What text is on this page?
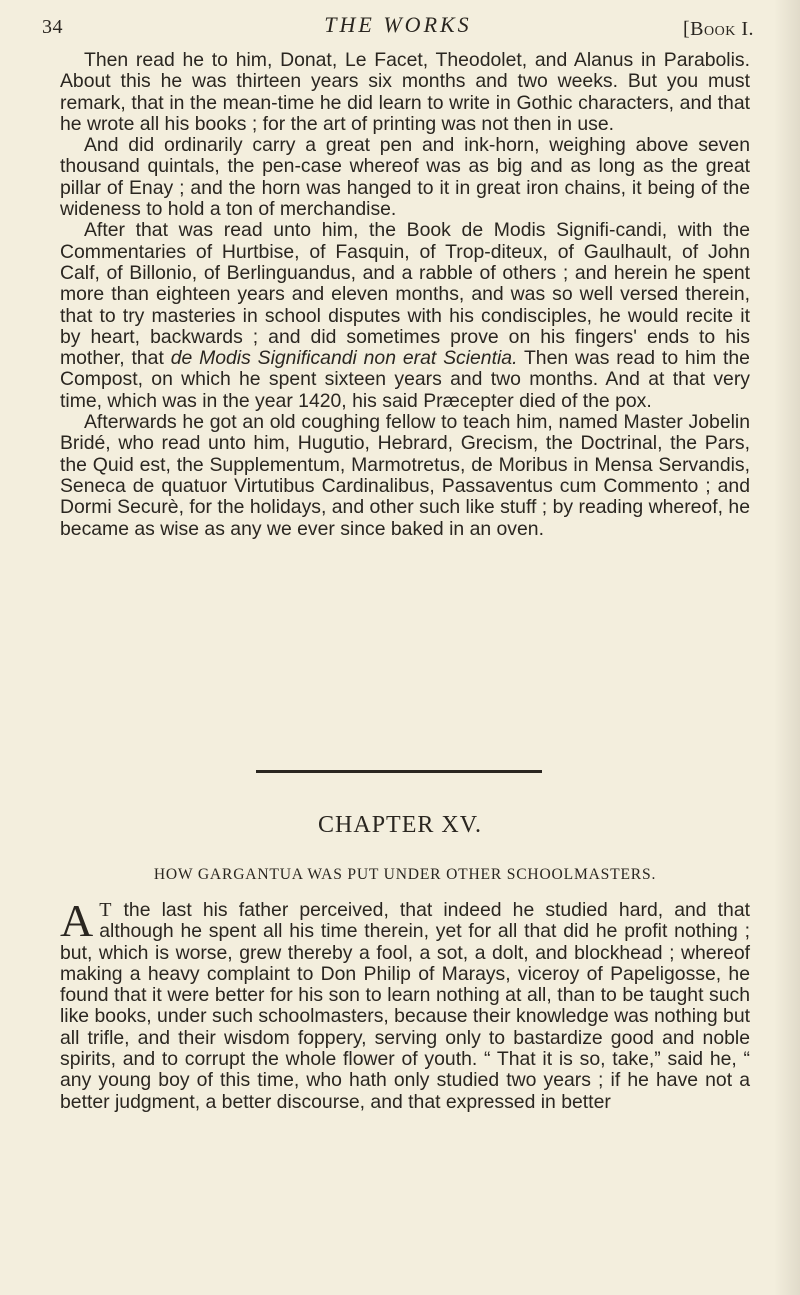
34	THE WORKS	[Book I.

Then read he to him, Donat, Le Facet, Theodolet, and Alanus in Parabolis. About this he was thirteen years six months and two weeks. But you must remark, that in the mean-time he did learn to write in Gothic characters, and that he wrote all his books ; for the art of printing was not then in use.

And did ordinarily carry a great pen and ink-horn, weighing above seven thousand quintals, the pen-case whereof was as big and as long as the great pillar of Enay ; and the horn was hanged to it in great iron chains, it being of the wideness to hold a ton of merchandise.

After that was read unto him, the Book de Modis Signifi-candi, with the Commentaries of Hurtbise, of Fasquin, of Trop-diteux, of Gaulhault, of John Calf, of Billonio, of Berlinguandus, and a rabble of others ; and herein he spent more than eighteen years and eleven months, and was so well versed therein, that to try masteries in school disputes with his condisciples, he would recite it by heart, backwards ; and did sometimes prove on his fingers' ends to his mother, that de Modis Significandi non erat Scientia. Then was read to him the Compost, on which he spent sixteen years and two months. And at that very time, which was in the year 1420, his said Præcepter died of the pox.

Afterwards he got an old coughing fellow to teach him, named Master Jobelin Bridé, who read unto him, Hugutio, Hebrard, Grecism, the Doctrinal, the Pars, the Quid est, the Supplementum, Marmotretus, de Moribus in Mensa Servandis, Seneca de quatuor Virtutibus Cardinalibus, Passaventus cum Commento ; and Dormi Securè, for the holidays, and other such like stuff ; by reading whereof, he became as wise as any we ever since baked in an oven.

CHAPTER XV.
HOW GARGANTUA WAS PUT UNDER OTHER SCHOOLMASTERS.
A T the last his father perceived, that indeed he studied hard, and that although he spent all his time therein, yet for all that did he profit nothing ; but, which is worse, grew thereby a fool, a sot, a dolt, and blockhead ; whereof making a heavy complaint to Don Philip of Marays, viceroy of Papeligosse, he found that it were better for his son to learn nothing at all, than to be taught such like books, under such schoolmasters, because their knowledge was nothing but all trifle, and their wisdom foppery, serving only to bastardize good and noble spirits, and to corrupt the whole flower of youth. “ That it is so, take,” said he, “ any young boy of this time, who hath only studied two years ; if he have not a better judgment, a better discourse, and that expressed in better
